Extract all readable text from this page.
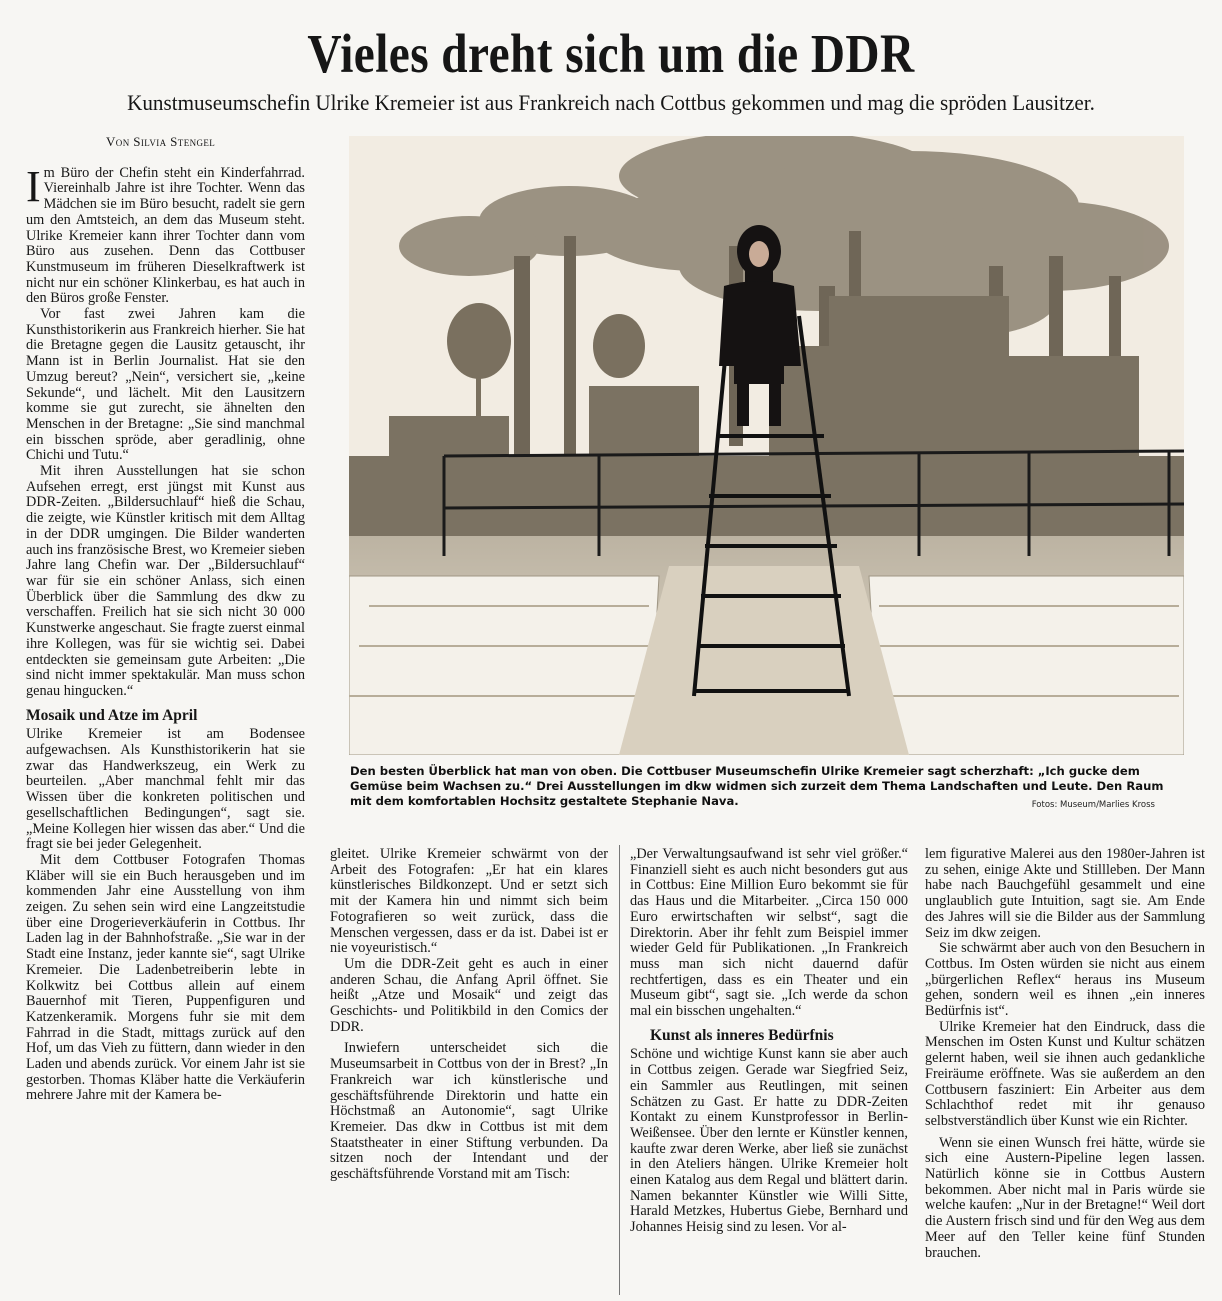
Vieles dreht sich um die DDR
Kunstmuseumschefin Ulrike Kremeier ist aus Frankreich nach Cottbus gekommen und mag die spröden Lausitzer.

Von Silvia Stengel

Im Büro der Chefin steht ein Kinderfahrrad. Viereinhalb Jahre ist ihre Tochter. Wenn das Mädchen sie im Büro besucht, radelt sie gern um den Amtsteich, an dem das Museum steht. Ulrike Kremeier kann ihrer Tochter dann vom Büro aus zusehen. Denn das Cottbuser Kunstmuseum im früheren Dieselkraftwerk ist nicht nur ein schöner Klinkerbau, es hat auch in den Büros große Fenster.

Vor fast zwei Jahren kam die Kunsthistorikerin aus Frankreich hierher. Sie hat die Bretagne gegen die Lausitz getauscht, ihr Mann ist in Berlin Journalist. Hat sie den Umzug bereut? „Nein“, versichert sie, „keine Sekunde“, und lächelt. Mit den Lausitzern komme sie gut zurecht, sie ähnelten den Menschen in der Bretagne: „Sie sind manchmal ein bisschen spröde, aber geradlinig, ohne Chichi und Tutu.“

Mit ihren Ausstellungen hat sie schon Aufsehen erregt, erst jüngst mit Kunst aus DDR-Zeiten. „Bildersuchlauf“ hieß die Schau, die zeigte, wie Künstler kritisch mit dem Alltag in der DDR umgingen. Die Bilder wanderten auch ins französische Brest, wo Kremeier sieben Jahre lang Chefin war. Der „Bildersuchlauf“ war für sie ein schöner Anlass, sich einen Überblick über die Sammlung des dkw zu verschaffen. Freilich hat sie sich nicht 30 000 Kunstwerke angeschaut. Sie fragte zuerst einmal ihre Kollegen, was für sie wichtig sei. Dabei entdeckten sie gemeinsam gute Arbeiten: „Die sind nicht immer spektakulär. Man muss schon genau hingucken.“

Mosaik und Atze im April

Ulrike Kremeier ist am Bodensee aufgewachsen. Als Kunsthistorikerin hat sie zwar das Handwerkszeug, ein Werk zu beurteilen. „Aber manchmal fehlt mir das Wissen über die konkreten politischen und gesellschaftlichen Bedingungen“, sagt sie. „Meine Kollegen hier wissen das aber.“ Und die fragt sie bei jeder Gelegenheit.

Mit dem Cottbuser Fotografen Thomas Kläber will sie ein Buch herausgeben und im kommenden Jahr eine Ausstellung von ihm zeigen. Zu sehen sein wird eine Langzeitstudie über eine Drogerieverkäuferin in Cottbus. Ihr Laden lag in der Bahnhofstraße. „Sie war in der Stadt eine Instanz, jeder kannte sie“, sagt Ulrike Kremeier. Die Ladenbetreiberin lebte in Kolkwitz bei Cottbus allein auf einem Bauernhof mit Tieren, Puppenfiguren und Katzenkeramik. Morgens fuhr sie mit dem Fahrrad in die Stadt, mittags zurück auf den Hof, um das Vieh zu füttern, dann wieder in den Laden und abends zurück. Vor einem Jahr ist sie gestorben. Thomas Kläber hatte die Verkäuferin mehrere Jahre mit der Kamera be-

Den besten Überblick hat man von oben. Die Cottbuser Museumschefin Ulrike Kremeier sagt scherzhaft: „Ich gucke dem Gemüse beim Wachsen zu.“ Drei Ausstellungen im dkw widmen sich zurzeit dem Thema Landschaften und Leute. Den Raum mit dem komfortablen Hochsitz gestaltete Stephanie Nava.	Fotos: Museum/Marlies Kross

gleitet. Ulrike Kremeier schwärmt von der Arbeit des Fotografen: „Er hat ein klares künstlerisches Bildkonzept. Und er setzt sich mit der Kamera hin und nimmt sich beim Fotografieren so weit zurück, dass die Menschen vergessen, dass er da ist. Dabei ist er nie voyeuristisch.“

Um die DDR-Zeit geht es auch in einer anderen Schau, die Anfang April öffnet. Sie heißt „Atze und Mosaik“ und zeigt das Geschichts- und Politikbild in den Comics der DDR.

Inwiefern unterscheidet sich die Museumsarbeit in Cottbus von der in Brest? „In Frankreich war ich künstlerische und geschäftsführende Direktorin und hatte ein Höchstmaß an Autonomie“, sagt Ulrike Kremeier. Das dkw in Cottbus ist mit dem Staatstheater in einer Stiftung verbunden. Da sitzen noch der Intendant und der geschäftsführende Vorstand mit am Tisch:

„Der Verwaltungsaufwand ist sehr viel größer.“ Finanziell sieht es auch nicht besonders gut aus in Cottbus: Eine Million Euro bekommt sie für das Haus und die Mitarbeiter. „Circa 150 000 Euro erwirtschaften wir selbst“, sagt die Direktorin. Aber ihr fehlt zum Beispiel immer wieder Geld für Publikationen. „In Frankreich muss man sich nicht dauernd dafür rechtfertigen, dass es ein Theater und ein Museum gibt“, sagt sie. „Ich werde da schon mal ein bisschen ungehalten.“

Kunst als inneres Bedürfnis

Schöne und wichtige Kunst kann sie aber auch in Cottbus zeigen. Gerade war Siegfried Seiz, ein Sammler aus Reutlingen, mit seinen Schätzen zu Gast. Er hatte zu DDR-Zeiten Kontakt zu einem Kunstprofessor in Berlin-Weißensee. Über den lernte er Künstler kennen, kaufte zwar deren Werke, aber ließ sie zunächst in den Ateliers hängen. Ulrike Kremeier holt einen Katalog aus dem Regal und blättert darin. Namen bekannter Künstler wie Willi Sitte, Harald Metzkes, Hubertus Giebe, Bernhard und Johannes Heisig sind zu lesen. Vor al-

lem figurative Malerei aus den 1980er-Jahren ist zu sehen, einige Akte und Stillleben. Der Mann habe nach Bauchgefühl gesammelt und eine unglaublich gute Intuition, sagt sie. Am Ende des Jahres will sie die Bilder aus der Sammlung Seiz im dkw zeigen.

Sie schwärmt aber auch von den Besuchern in Cottbus. Im Osten würden sie nicht aus einem „bürgerlichen Reflex“ heraus ins Museum gehen, sondern weil es ihnen „ein inneres Bedürfnis ist“.

Ulrike Kremeier hat den Eindruck, dass die Menschen im Osten Kunst und Kultur schätzen gelernt haben, weil sie ihnen auch gedankliche Freiräume eröffnete. Was sie außerdem an den Cottbusern fasziniert: Ein Arbeiter aus dem Schlachthof redet mit ihr genauso selbstverständlich über Kunst wie ein Richter.

Wenn sie einen Wunsch frei hätte, würde sie sich eine Austern-Pipeline legen lassen. Natürlich könne sie in Cottbus Austern bekommen. Aber nicht mal in Paris würde sie welche kaufen: „Nur in der Bretagne!“ Weil dort die Austern frisch sind und für den Weg aus dem Meer auf den Teller keine fünf Stunden brauchen.
